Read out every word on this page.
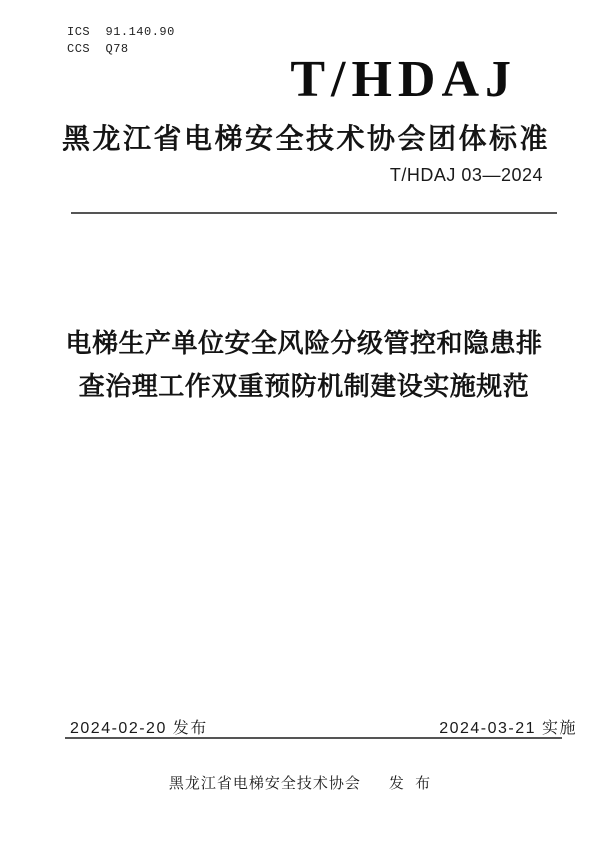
ICS  91.140.90
CCS  Q78
T/HDAJ
黑龙江省电梯安全技术协会团体标准
T/HDAJ 03—2024
电梯生产单位安全风险分级管控和隐患排
查治理工作双重预防机制建设实施规范
2024-02-20 发布	2024-03-21 实施
黑龙江省电梯安全技术协会 发  布
